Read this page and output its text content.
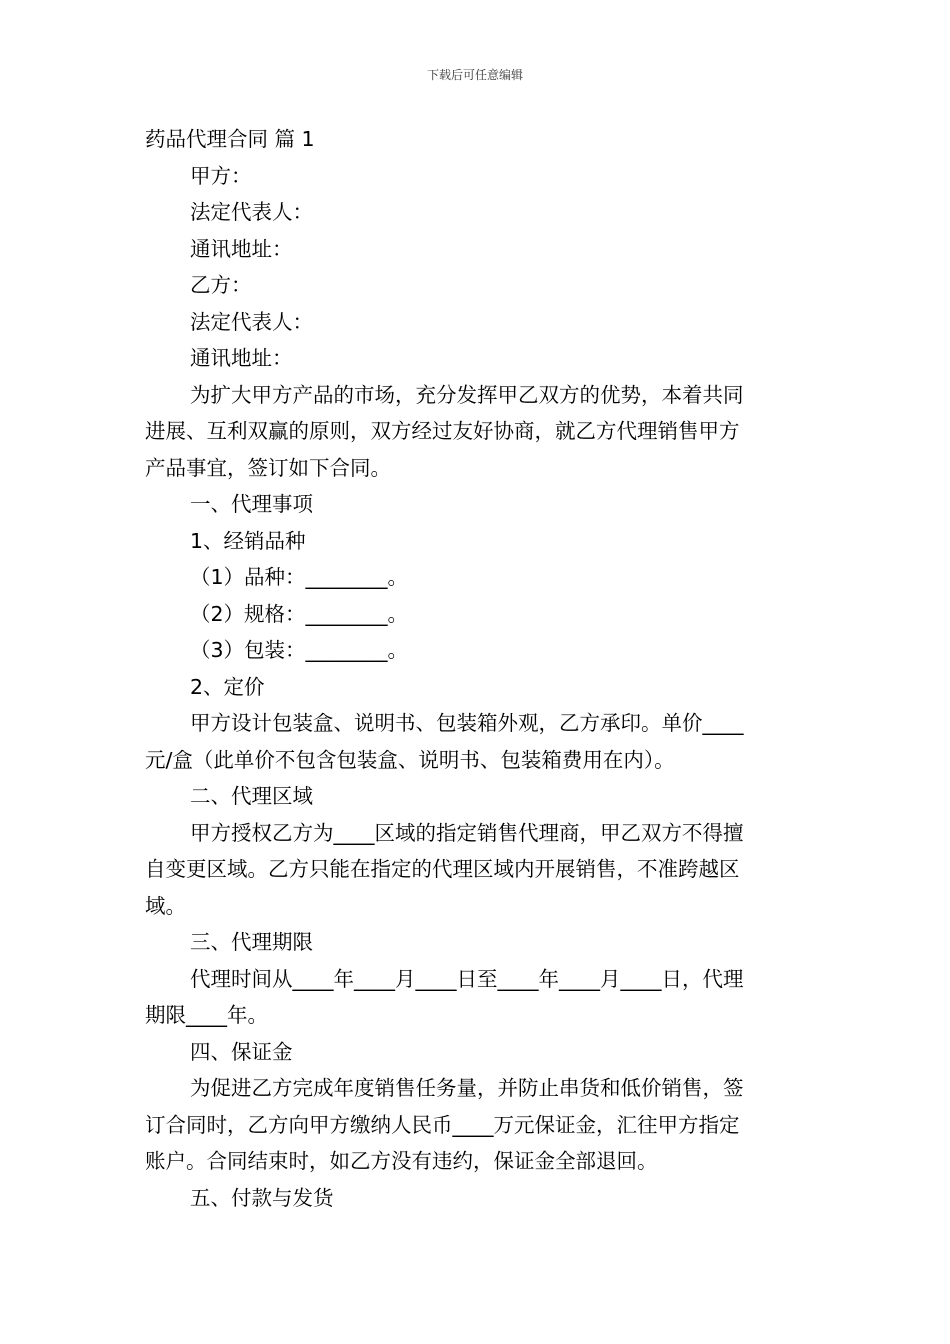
下载后可任意编辑
药品代理合同 篇 1
甲方：
法定代表人：
通讯地址：
乙方：
法定代表人：
通讯地址：
为扩大甲方产品的市场，充分发挥甲乙双方的优势，本着共同
进展、互利双赢的原则，双方经过友好协商，就乙方代理销售甲方
产品事宜，签订如下合同。
一、代理事项
1、经销品种
（1）品种：________。
（2）规格：________。
（3）包装：________。
2、定价
甲方设计包装盒、说明书、包装箱外观，乙方承印。单价____
元/盒（此单价不包含包装盒、说明书、包装箱费用在内）。
二、代理区域
甲方授权乙方为____区域的指定销售代理商，甲乙双方不得擅
自变更区域。乙方只能在指定的代理区域内开展销售，不准跨越区
域。
三、代理期限
代理时间从____年____月____日至____年____月____日，代理
期限____年。
四、保证金
为促进乙方完成年度销售任务量，并防止串货和低价销售，签
订合同时，乙方向甲方缴纳人民币____万元保证金，汇往甲方指定
账户。合同结束时，如乙方没有违约，保证金全部退回。
五、付款与发货
